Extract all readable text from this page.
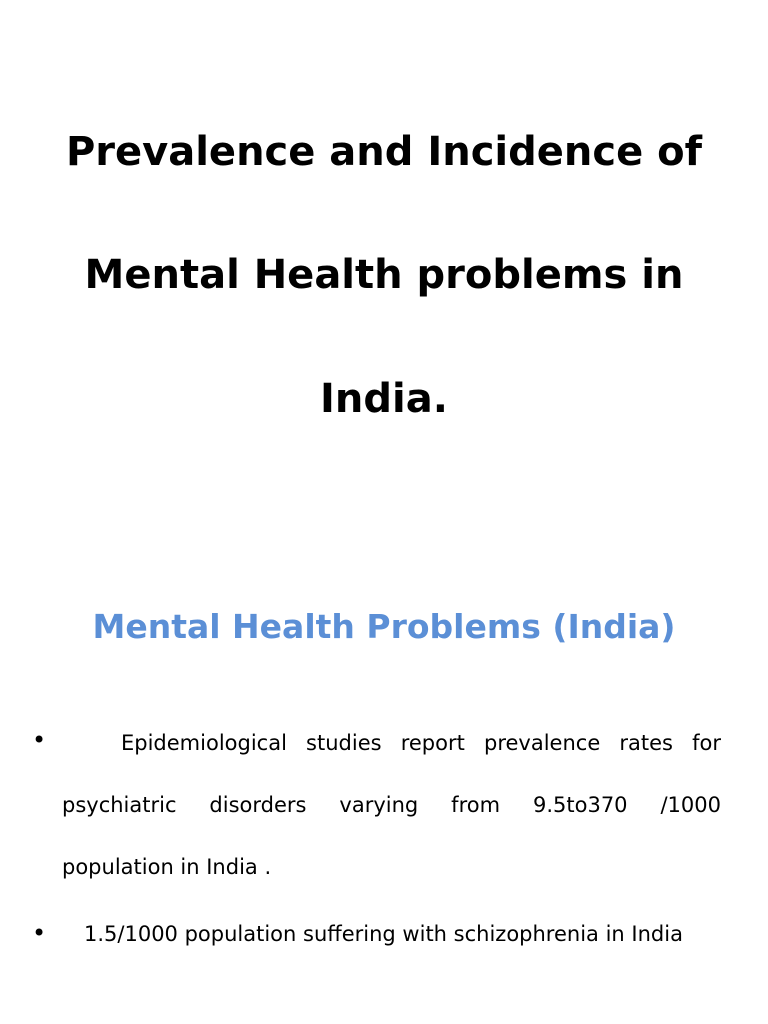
Prevalence and Incidence of
Mental Health problems in
India.
Mental Health Problems (India)
•	Epidemiological studies report prevalence rates for

psychiatric disorders varying from 9.5to370 /1000

population in India .

• 1.5/1000 population suffering with schizophrenia in India
